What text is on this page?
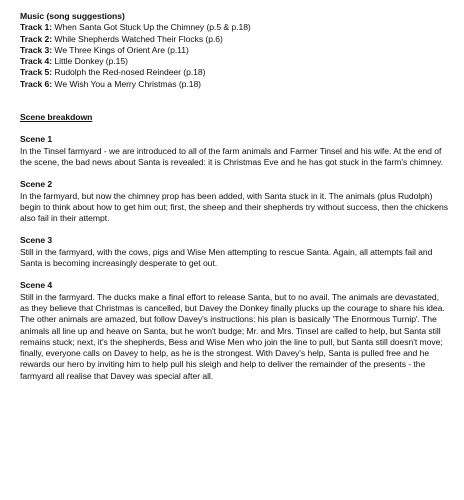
Music (song suggestions)
Track 1: When Santa Got Stuck Up the Chimney (p.5 & p.18)
Track 2: While Shepherds Watched Their Flocks (p.6)
Track 3: We Three Kings of Orient Are (p.11)
Track 4: Little Donkey (p.15)
Track 5: Rudolph the Red-nosed Reindeer (p.18)
Track 6: We Wish You a Merry Christmas (p.18)
Scene breakdown
Scene 1

In the Tinsel farmyard - we are introduced to all of the farm animals and Farmer Tinsel and his wife. At the end of the scene, the bad news about Santa is revealed: it is Christmas Eve and he has got stuck in the farm's chimney.

Scene 2

In the farmyard, but now the chimney prop has been added, with Santa stuck in it. The animals (plus Rudolph) begin to think about how to get him out; first, the sheep and their shepherds try without success, then the chickens also fail in their attempt.

Scene 3

Still in the farmyard, with the cows, pigs and Wise Men attempting to rescue Santa. Again, all attempts fail and Santa is becoming increasingly desperate to get out.

Scene 4

Still in the farmyard. The ducks make a final effort to release Santa, but to no avail. The animals are devastated, as they believe that Christmas is cancelled, but Davey the Donkey finally plucks up the courage to share his idea. The other animals are amazed, but follow Davey's instructions: his plan is basically 'The Enormous Turnip'. The animals all line up and heave on Santa, but he won't budge; Mr. and Mrs. Tinsel are called to help, but Santa still remains stuck; next, it's the shepherds, Bess and Wise Men who join the line to pull, but Santa still doesn't move; finally, everyone calls on Davey to help, as he is the strongest. With Davey's help, Santa is pulled free and he rewards our hero by inviting him to help pull his sleigh and help to deliver the remainder of the presents - the farmyard all realise that Davey was special after all.
